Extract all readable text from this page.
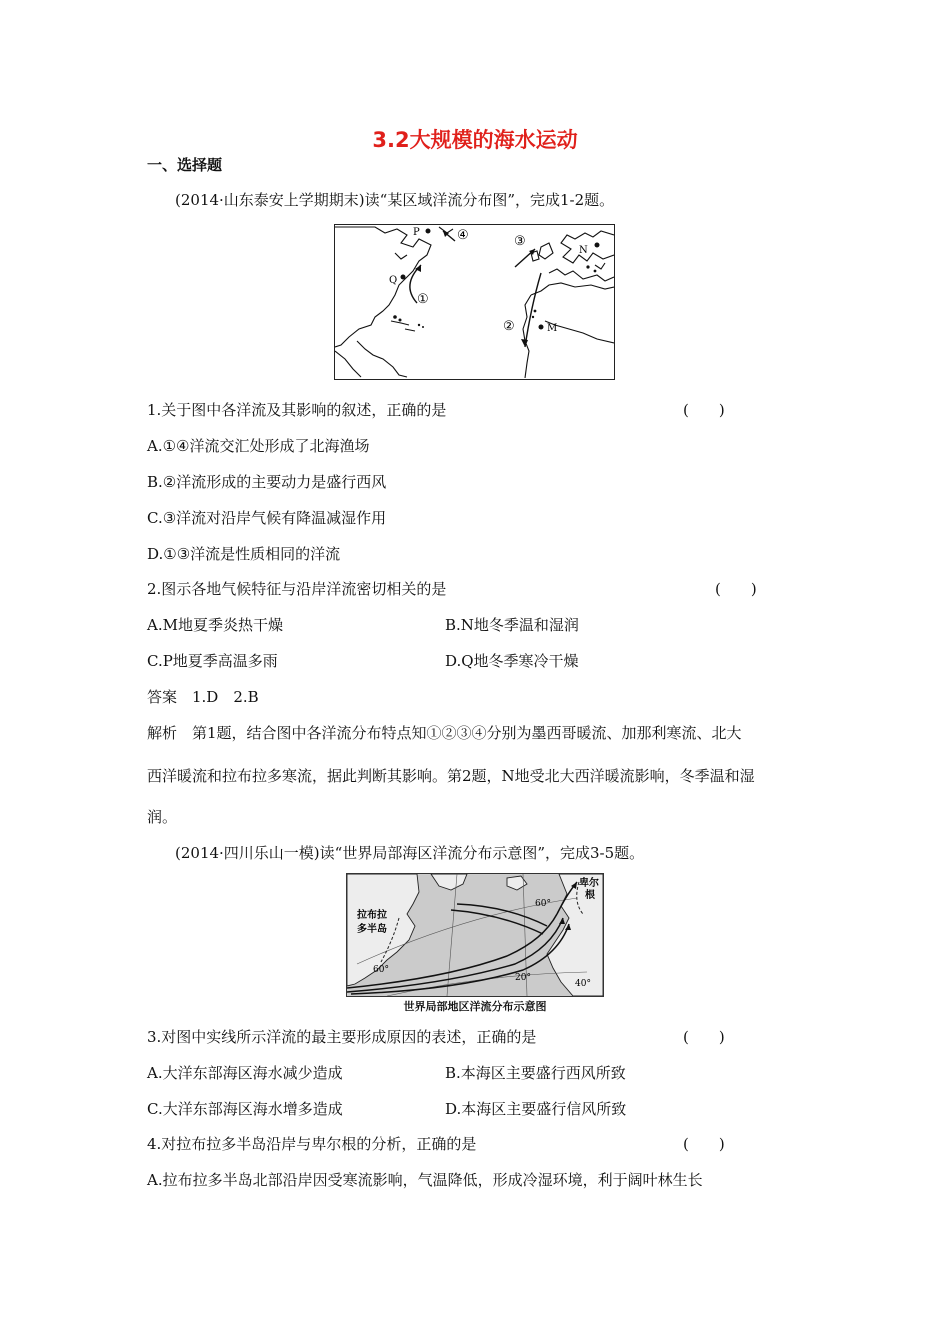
3.2大规模的海水运动
一、选择题
(2014·山东泰安上学期期末)读“某区域洋流分布图”，完成1-2题。
P
Q
N
M
①
②
③
④
1.关于图中各洋流及其影响的叙述，正确的是	(　　)
A.①④洋流交汇处形成了北海渔场
B.②洋流形成的主要动力是盛行西风
C.③洋流对沿岸气候有降温减湿作用
D.①③洋流是性质相同的洋流
2.图示各地气候特征与沿岸洋流密切相关的是	(　　)
A.M地夏季炎热干燥	B.N地冬季温和湿润
C.P地夏季高温多雨	D.Q地冬季寒冷干燥
答案　1.D　2.B
解析　第1题，结合图中各洋流分布特点知①②③④分别为墨西哥暖流、加那利寒流、北大
西洋暖流和拉布拉多寒流，据此判断其影响。第2题，N地受北大西洋暖流影响，冬季温和湿
润。
(2014·四川乐山一模)读“世界局部海区洋流分布示意图”，完成3-5题。
拉布拉
多半岛
卑尔
根
60°
60°
20°
40°
世界局部地区洋流分布示意图
3.对图中实线所示洋流的最主要形成原因的表述，正确的是	(　　)
A.大洋东部海区海水减少造成	B.本海区主要盛行西风所致
C.大洋东部海区海水增多造成	D.本海区主要盛行信风所致
4.对拉布拉多半岛沿岸与卑尔根的分析，正确的是	(　　)
A.拉布拉多半岛北部沿岸因受寒流影响，气温降低，形成冷湿环境，利于阔叶林生长
